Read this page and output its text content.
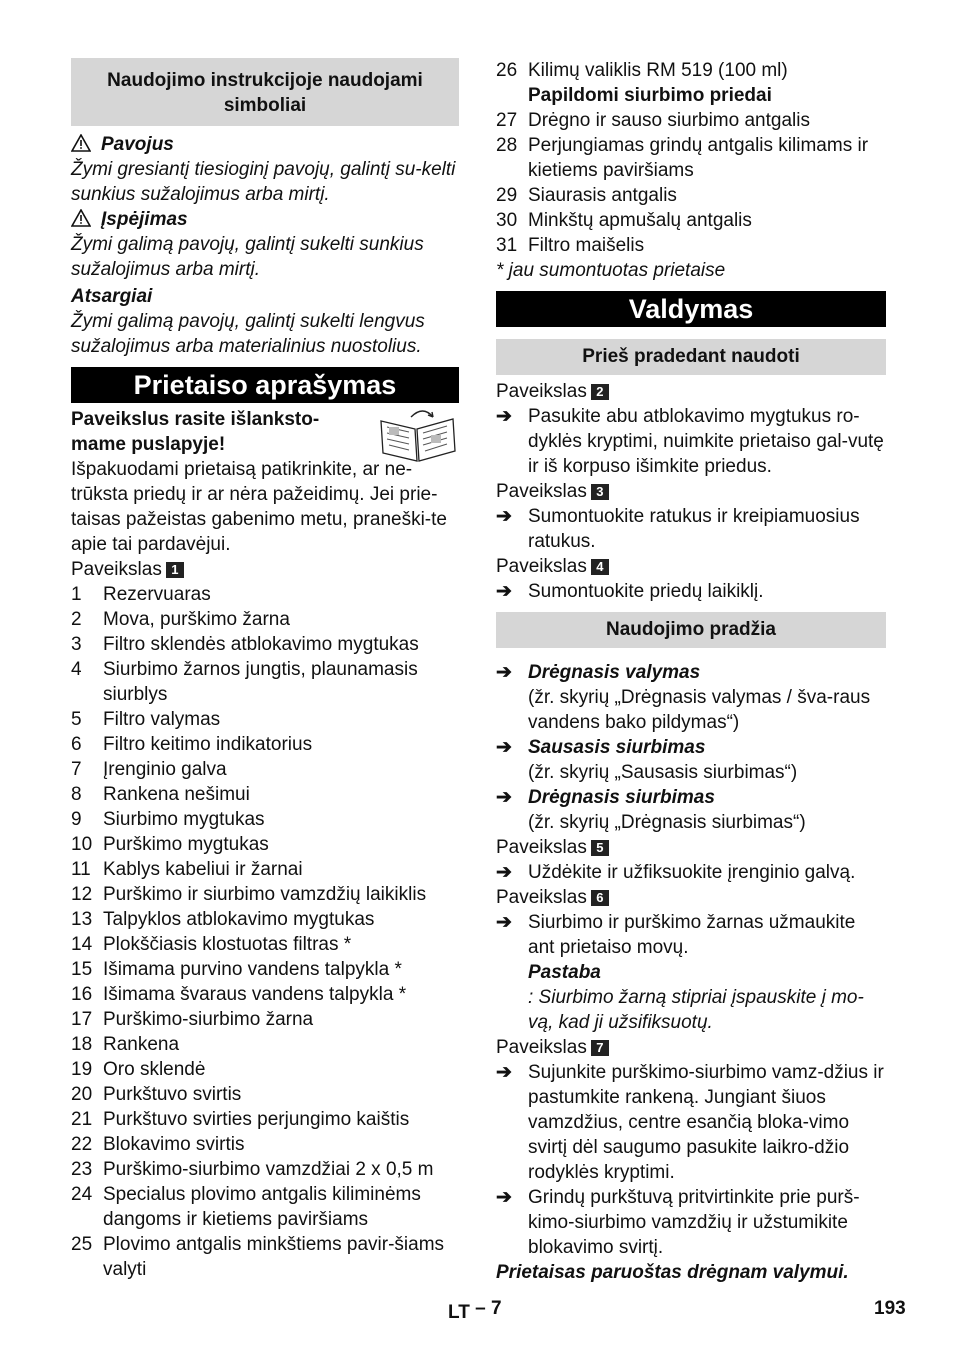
Naudojimo instrukcijoje naudojami simboliai

Pavojus

Žymi gresiantį tiesioginį pavojų, galintį su-kelti sunkius sužalojimus arba mirtį.

Įspėjimas

Žymi galimą pavojų, galintį sukelti sunkius sužalojimus arba mirtį.

Atsargiai

Žymi galimą pavojų, galintį sukelti lengvus sužalojimus arba materialinius nuostolius.

Prietaiso aprašymas

Paveikslus rasite išlanksto-mame puslapyje!

Išpakuodami prietaisą patikrinkite, ar ne-trūksta priedų ir ar nėra pažeidimų. Jei prie-taisas pažeistas gabenimo metu, praneški-te apie tai pardavėjui.

Paveikslas 1

1	Rezervuaras
2	Mova, purškimo žarna
3	Filtro sklendės atblokavimo mygtukas
4	Siurbimo žarnos jungtis, plaunamasis siurblys
5	Filtro valymas
6	Filtro keitimo indikatorius
7	Įrenginio galva
8	Rankena nešimui
9	Siurbimo mygtukas
10 Purškimo mygtukas
11 Kablys kabeliui ir žarnai
12 Purškimo ir siurbimo vamzdžių laikiklis
13 Talpyklos atblokavimo mygtukas
14 Plokščiasis klostuotas filtras *
15 Išimama purvino vandens talpykla *
16 Išimama švaraus vandens talpykla *
17 Purškimo-siurbimo žarna
18 Rankena
19 Oro sklendė
20 Purkštuvo svirtis
21 Purkštuvo svirties perjungimo kaištis
22 Blokavimo svirtis
23 Purškimo-siurbimo vamzdžiai 2 x 0,5 m
24 Specialus plovimo antgalis kiliminėms dangoms ir kietiems paviršiams
25 Plovimo antgalis minkštiems pavir-šiams valyti
26 Kilimų valiklis RM 519 (100 ml)

Papildomi siurbimo priedai

27 Drėgno ir sauso siurbimo antgalis
28 Perjungiamas grindų antgalis kilimams ir kietiems paviršiams
29 Siaurasis antgalis
30 Minkštų apmušalų antgalis
31 Filtro maišelis

* jau sumontuotas prietaise

Valdymas
Prieš pradedant naudoti

Paveikslas 2

➔ Pasukite abu atblokavimo mygtukus ro-dyklės kryptimi, nuimkite prietaiso gal-vutę ir iš korpuso išimkite priedus.

Paveikslas 3

➔ Sumontuokite ratukus ir kreipiamuosius ratukus.

Paveikslas 4

➔ Sumontuokite priedų laikiklį.
Naudojimo pradžia
➔ Drėgnasis valymas
(žr. skyrių „Drėgnasis valymas / šva-raus vandens bako pildymas“)
➔ Sausasis siurbimas
(žr. skyrių „Sausasis siurbimas“)
➔ Drėgnasis siurbimas
(žr. skyrių „Drėgnasis siurbimas“)

Paveikslas 5

➔ Uždėkite ir užfiksuokite įrenginio galvą.

Paveikslas 6

➔ Siurbimo ir purškimo žarnas užmaukite ant prietaiso movų.

Pastaba

: Siurbimo žarną stipriai įspauskite į mo-vą, kad ji užsifiksuotų.

Paveikslas 7

➔ Sujunkite purškimo-siurbimo vamz-džius ir pastumkite rankeną. Jungiant šiuos vamzdžius, centre esančią bloka-vimo svirtį dėl saugumo pasukite laikro-džio rodyklės kryptimi.
➔ Grindų purkštuvą pritvirtinkite prie purš-kimo-siurbimo vamzdžių ir užstumikite blokavimo svirtį.

Prietaisas paruoštas drėgnam valymui.

LT – 7	193
